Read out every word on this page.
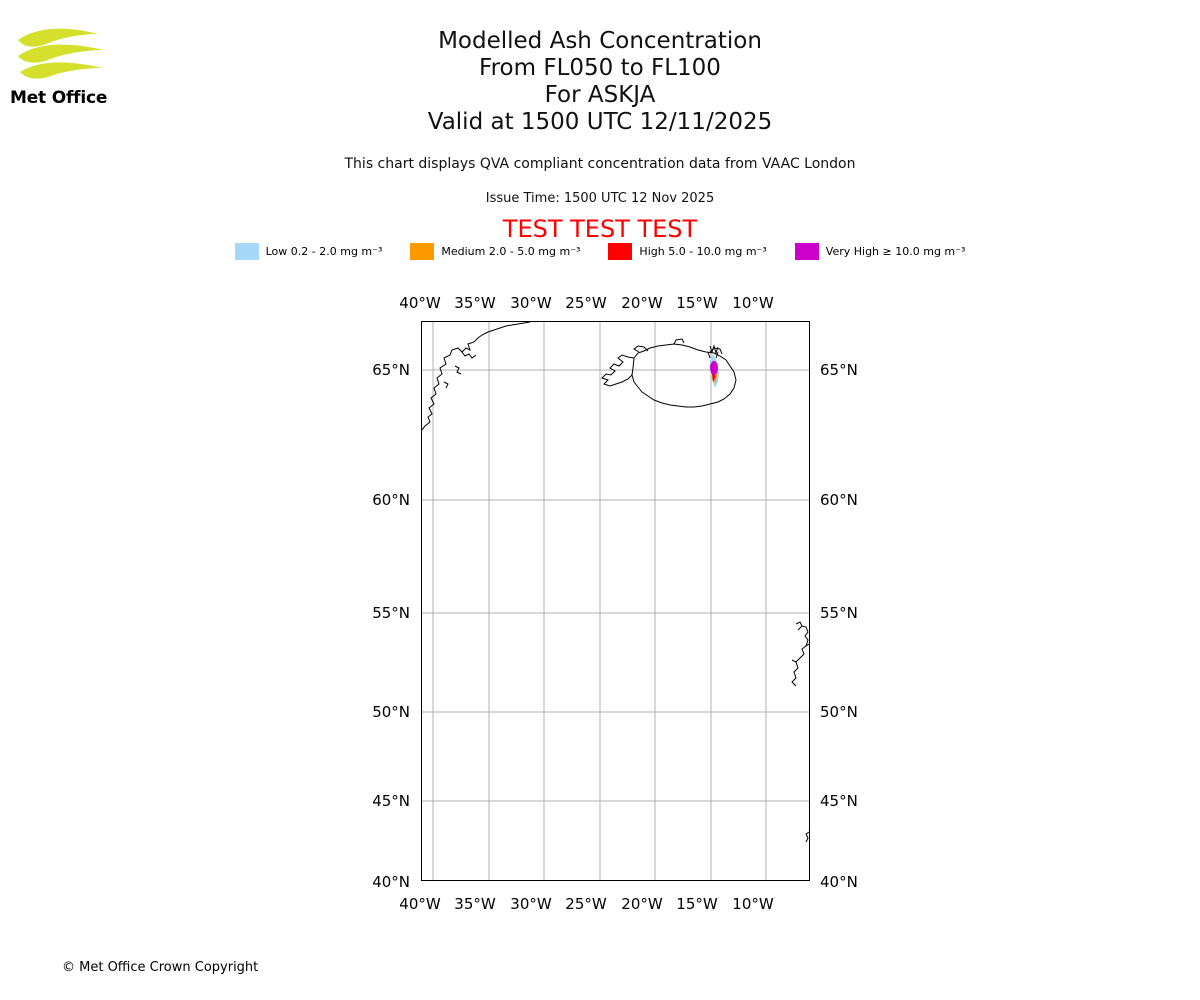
Met Office
Modelled Ash Concentration
From FL050 to FL100
For ASKJA
Valid at 1500 UTC 12/11/2025
This chart displays QVA compliant concentration data from VAAC London
Issue Time: 1500 UTC 12 Nov 2025
TEST TEST TEST
Low 0.2 - 2.0 mg m⁻³	Medium 2.0 - 5.0 mg m⁻³	High 5.0 - 10.0 mg m⁻³	Very High ≥ 10.0 mg m⁻³
40°W 35°W 30°W 25°W 20°W 15°W 10°W
40°W 35°W 30°W 25°W 20°W 15°W 10°W
65°N
60°N
55°N
50°N
45°N
40°N
65°N
60°N
55°N
50°N
45°N
40°N
© Met Office Crown Copyright
